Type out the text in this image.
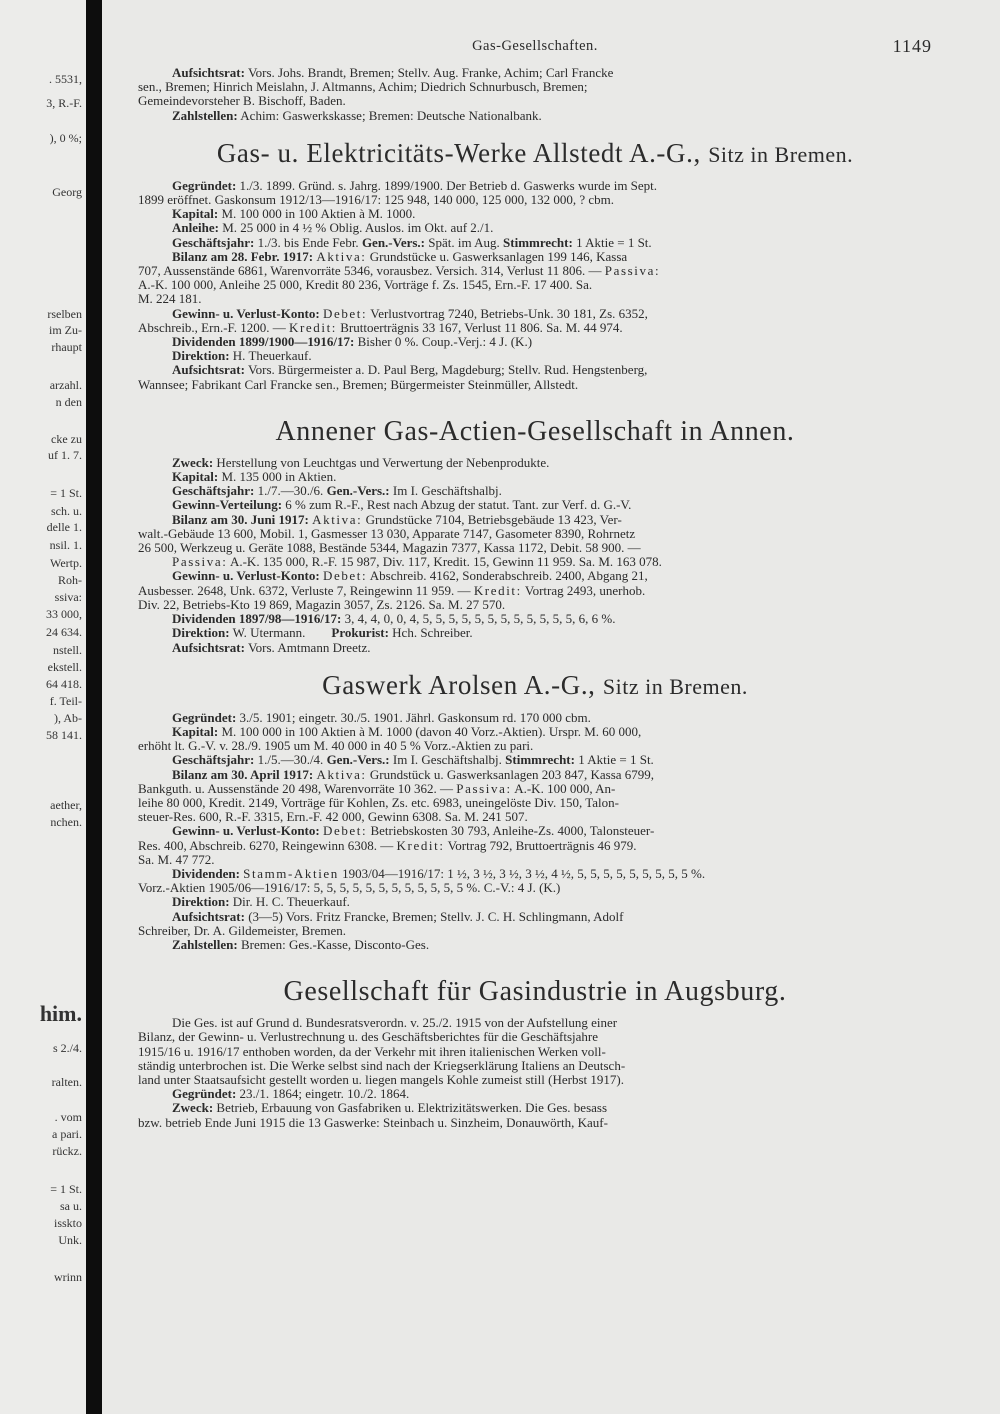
. 5531,
3, R.-F.
), 0 %;
Georg
rselben
im Zu-
rhaupt
arzahl.
n den
cke zu
uf 1. 7.
= 1 St.
sch. u.
delle 1.
nsil. 1.
Wertp.
Roh-
ssiva:
33 000,
24 634.
nstell.
ekstell.
64 418.
f. Teil-
), Ab-
58 141.
aether,
nchen.
him.
s 2./4.
ralten.
. vom
a pari.
rückz.
= 1 St.
sa u.
isskto
Unk.
wrinn
Gas-Gesellschaften.	1149

Aufsichtsrat: Vors. Johs. Brandt, Bremen; Stellv. Aug. Franke, Achim; Carl Francke

sen., Bremen; Hinrich Meislahn, J. Altmanns, Achim; Diedrich Schnurbusch, Bremen;

Gemeindevorsteher B. Bischoff, Baden.

Zahlstellen: Achim: Gaswerkskasse; Bremen: Deutsche Nationalbank.

Gas- u. Elektricitäts-Werke Allstedt A.-G., Sitz in Bremen.

Gegründet: 1./3. 1899. Gründ. s. Jahrg. 1899/1900. Der Betrieb d. Gaswerks wurde im Sept.

1899 eröffnet. Gaskonsum 1912/13—1916/17: 125 948, 140 000, 125 000, 132 000, ? cbm.

Kapital: M. 100 000 in 100 Aktien à M. 1000.

Anleihe: M. 25 000 in 4 ½ % Oblig. Auslos. im Okt. auf 2./1.

Geschäftsjahr: 1./3. bis Ende Febr. Gen.-Vers.: Spät. im Aug. Stimmrecht: 1 Aktie = 1 St.

Bilanz am 28. Febr. 1917: Aktiva: Grundstücke u. Gaswerksanlagen 199 146, Kassa

707, Aussenstände 6861, Warenvorräte 5346, vorausbez. Versich. 314, Verlust 11 806. — Passiva:

A.-K. 100 000, Anleihe 25 000, Kredit 80 236, Vorträge f. Zs. 1545, Ern.-F. 17 400. Sa.

M. 224 181.

Gewinn- u. Verlust-Konto: Debet: Verlustvortrag 7240, Betriebs-Unk. 30 181, Zs. 6352,

Abschreib., Ern.-F. 1200. — Kredit: Bruttoerträgnis 33 167, Verlust 11 806. Sa. M. 44 974.

Dividenden 1899/1900—1916/17: Bisher 0 %. Coup.-Verj.: 4 J. (K.)

Direktion: H. Theuerkauf.

Aufsichtsrat: Vors. Bürgermeister a. D. Paul Berg, Magdeburg; Stellv. Rud. Hengstenberg,

Wannsee; Fabrikant Carl Francke sen., Bremen; Bürgermeister Steinmüller, Allstedt.

Annener Gas-Actien-Gesellschaft in Annen.

Zweck: Herstellung von Leuchtgas und Verwertung der Nebenprodukte.

Kapital: M. 135 000 in Aktien.

Geschäftsjahr: 1./7.—30./6. Gen.-Vers.: Im I. Geschäftshalbj.

Gewinn-Verteilung: 6 % zum R.-F., Rest nach Abzug der statut. Tant. zur Verf. d. G.-V.

Bilanz am 30. Juni 1917: Aktiva: Grundstücke 7104, Betriebsgebäude 13 423, Ver-

walt.-Gebäude 13 600, Mobil. 1, Gasmesser 13 030, Apparate 7147, Gasometer 8390, Rohrnetz

26 500, Werkzeug u. Geräte 1088, Bestände 5344, Magazin 7377, Kassa 1172, Debit. 58 900. —

Passiva: A.-K. 135 000, R.-F. 15 987, Div. 117, Kredit. 15, Gewinn 11 959. Sa. M. 163 078.

Gewinn- u. Verlust-Konto: Debet: Abschreib. 4162, Sonderabschreib. 2400, Abgang 21,

Ausbesser. 2648, Unk. 6372, Verluste 7, Reingewinn 11 959. — Kredit: Vortrag 2493, unerhob.

Div. 22, Betriebs-Kto 19 869, Magazin 3057, Zs. 2126. Sa. M. 27 570.

Dividenden 1897/98—1916/17: 3, 4, 4, 0, 0, 4, 5, 5, 5, 5, 5, 5, 5, 5, 5, 5, 5, 5, 6, 6 %.

Direktion: W. Utermann. Prokurist: Hch. Schreiber.

Aufsichtsrat: Vors. Amtmann Dreetz.

Gaswerk Arolsen A.-G., Sitz in Bremen.

Gegründet: 3./5. 1901; eingetr. 30./5. 1901. Jährl. Gaskonsum rd. 170 000 cbm.

Kapital: M. 100 000 in 100 Aktien à M. 1000 (davon 40 Vorz.-Aktien). Urspr. M. 60 000,

erhöht lt. G.-V. v. 28./9. 1905 um M. 40 000 in 40 5 % Vorz.-Aktien zu pari.

Geschäftsjahr: 1./5.—30./4. Gen.-Vers.: Im I. Geschäftshalbj. Stimmrecht: 1 Aktie = 1 St.

Bilanz am 30. April 1917: Aktiva: Grundstück u. Gaswerksanlagen 203 847, Kassa 6799,

Bankguth. u. Aussenstände 20 498, Warenvorräte 10 362. — Passiva: A.-K. 100 000, An-

leihe 80 000, Kredit. 2149, Vorträge für Kohlen, Zs. etc. 6983, uneingelöste Div. 150, Talon-

steuer-Res. 600, R.-F. 3315, Ern.-F. 42 000, Gewinn 6308. Sa. M. 241 507.

Gewinn- u. Verlust-Konto: Debet: Betriebskosten 30 793, Anleihe-Zs. 4000, Talonsteuer-

Res. 400, Abschreib. 6270, Reingewinn 6308. — Kredit: Vortrag 792, Bruttoerträgnis 46 979.

Sa. M. 47 772.

Dividenden: Stamm-Aktien 1903/04—1916/17: 1 ½, 3 ½, 3 ½, 3 ½, 4 ½, 5, 5, 5, 5, 5, 5, 5, 5, 5 %.

Vorz.-Aktien 1905/06—1916/17: 5, 5, 5, 5, 5, 5, 5, 5, 5, 5, 5, 5 %. C.-V.: 4 J. (K.)

Direktion: Dir. H. C. Theuerkauf.

Aufsichtsrat: (3—5) Vors. Fritz Francke, Bremen; Stellv. J. C. H. Schlingmann, Adolf

Schreiber, Dr. A. Gildemeister, Bremen.

Zahlstellen: Bremen: Ges.-Kasse, Disconto-Ges.

Gesellschaft für Gasindustrie in Augsburg.

Die Ges. ist auf Grund d. Bundesratsverordn. v. 25./2. 1915 von der Aufstellung einer

Bilanz, der Gewinn- u. Verlustrechnung u. des Geschäftsberichtes für die Geschäftsjahre

1915/16 u. 1916/17 enthoben worden, da der Verkehr mit ihren italienischen Werken voll-

ständig unterbrochen ist. Die Werke selbst sind nach der Kriegserklärung Italiens an Deutsch-

land unter Staatsaufsicht gestellt worden u. liegen mangels Kohle zumeist still (Herbst 1917).

Gegründet: 23./1. 1864; eingetr. 10./2. 1864.

Zweck: Betrieb, Erbauung von Gasfabriken u. Elektrizitätswerken. Die Ges. besass

bzw. betrieb Ende Juni 1915 die 13 Gaswerke: Steinbach u. Sinzheim, Donauwörth, Kauf-
